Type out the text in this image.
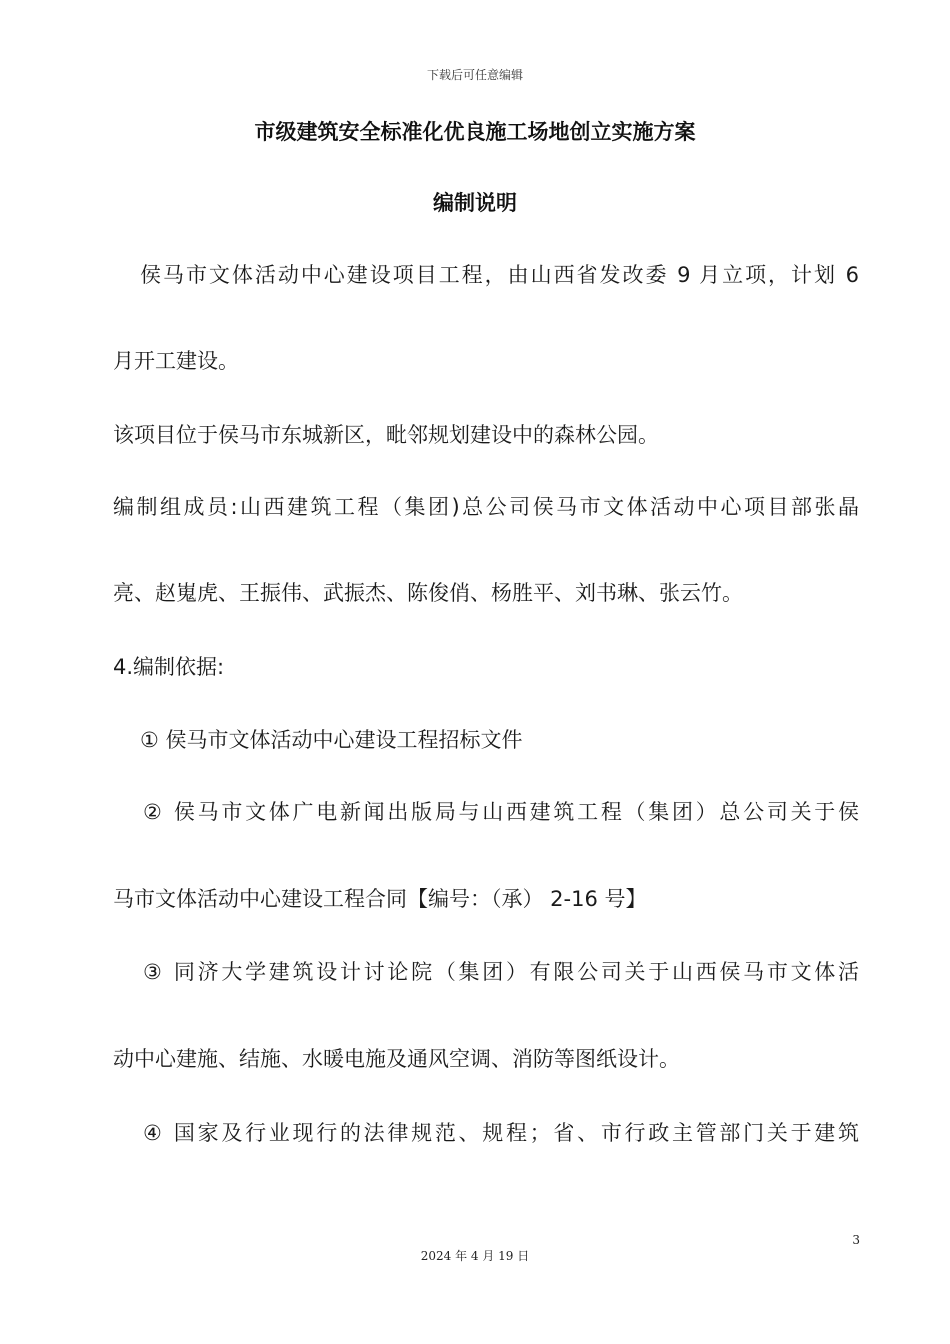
下载后可任意编辑
市级建筑安全标准化优良施工场地创立实施方案
编制说明
侯马市文体活动中心建设项目工程，由山西省发改委 9 月立项，计划 6
月开工建设。
该项目位于侯马市东城新区，毗邻规划建设中的森林公园。
编制组成员:山西建筑工程（集团)总公司侯马市文体活动中心项目部张晶
亮、赵嵬虎、王振伟、武振杰、陈俊俏、杨胜平、刘书琳、张云竹。
4.编制依据:
① 侯马市文体活动中心建设工程招标文件
② 侯马市文体广电新闻出版局与山西建筑工程（集团）总公司关于侯
马市文体活动中心建设工程合同【编号：（承） 2-16 号】
③ 同济大学建筑设计讨论院（集团）有限公司关于山西侯马市文体活
动中心建施、结施、水暖电施及通风空调、消防等图纸设计。
④ 国家及行业现行的法律规范、规程；省、市行政主管部门关于建筑
3
2024 年 4 月 19 日
